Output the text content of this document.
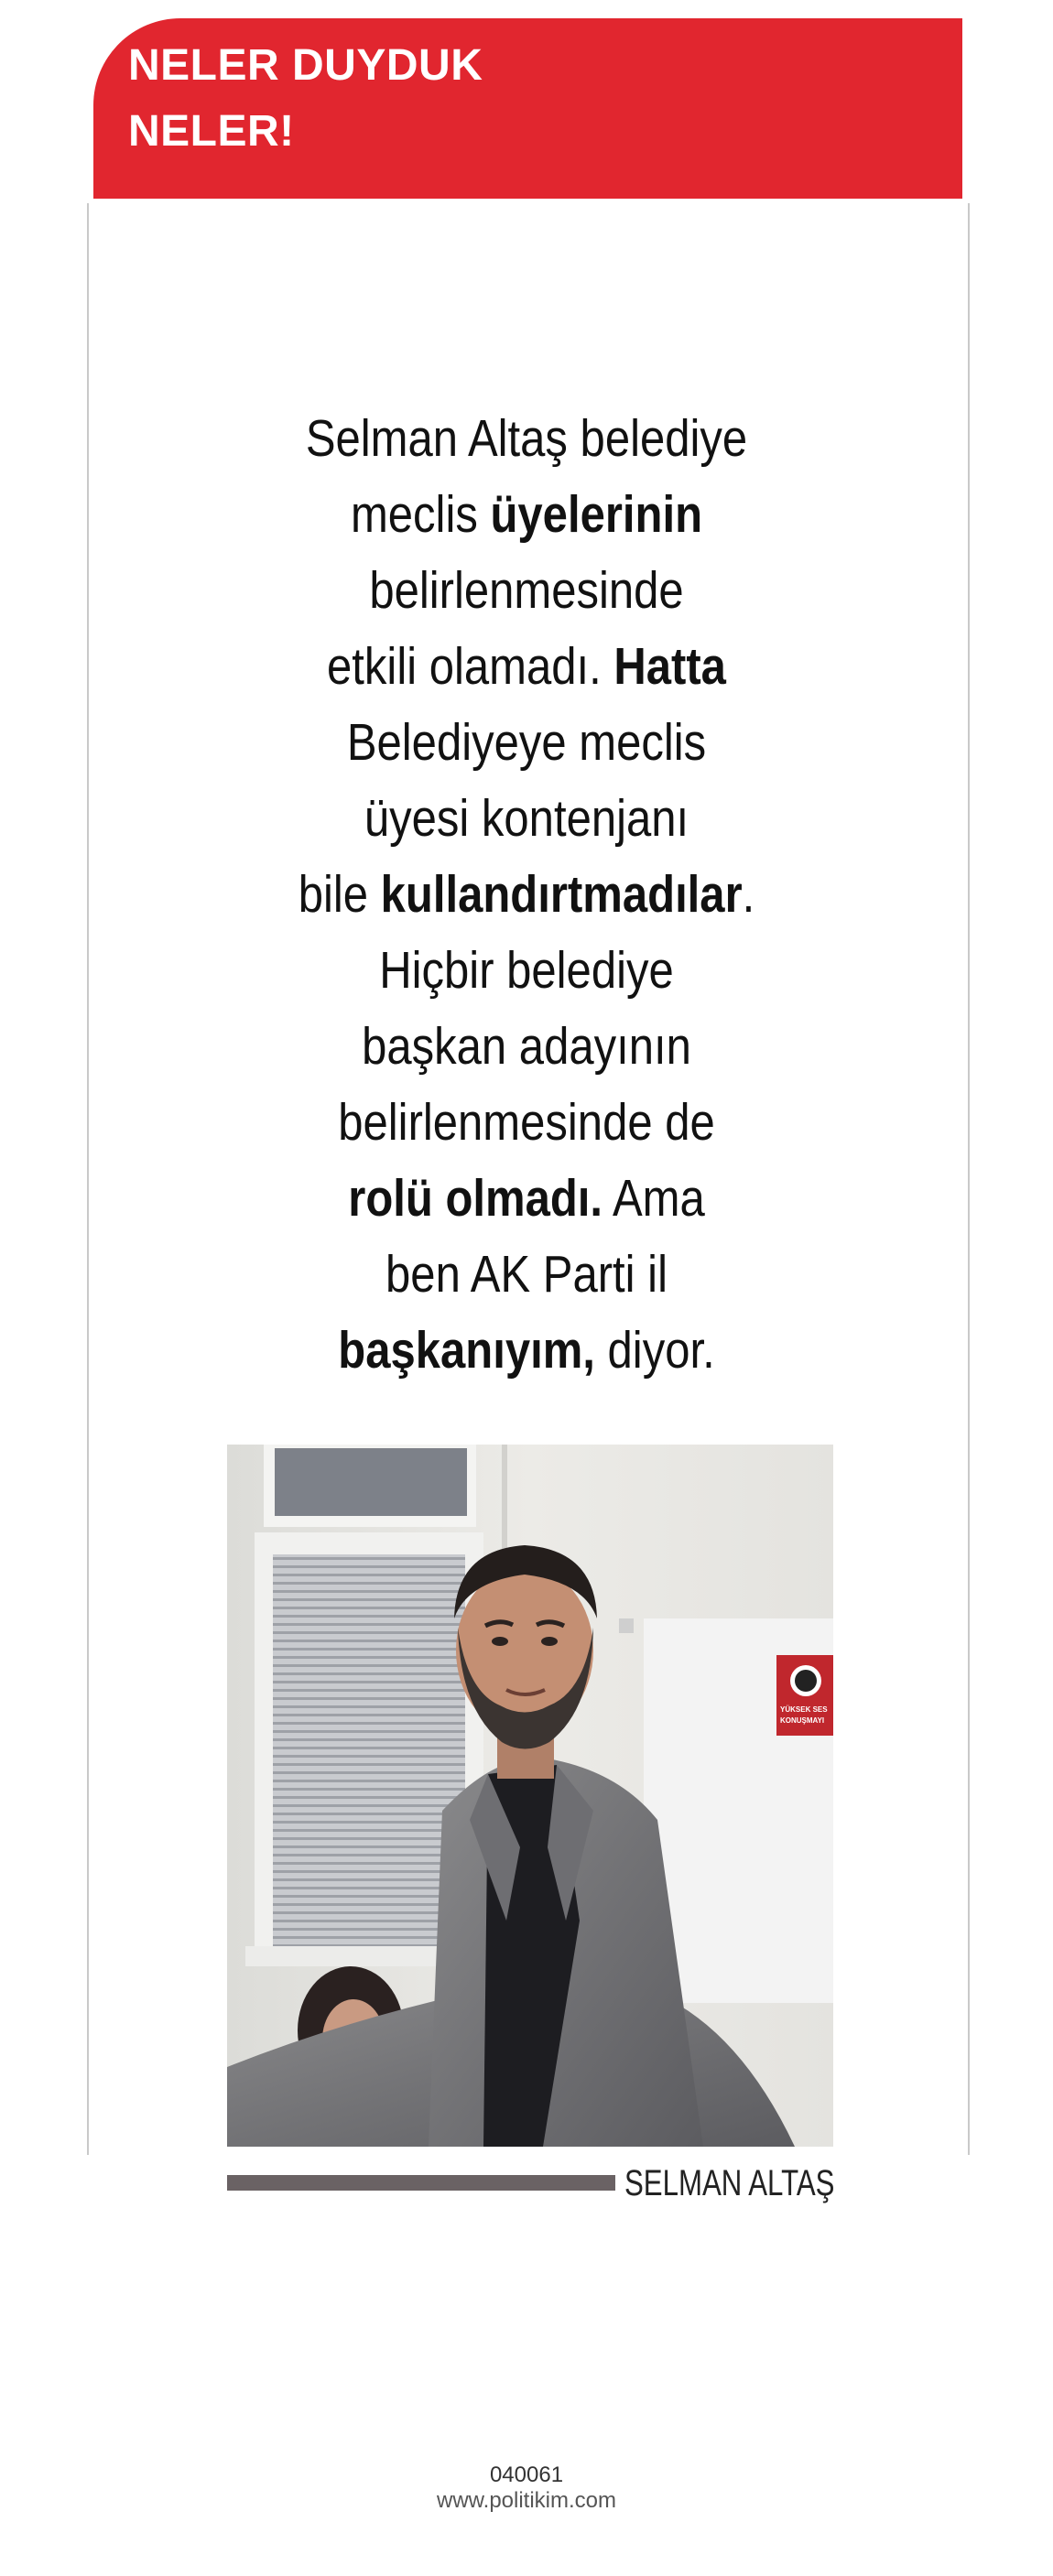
NELER DUYDUK
NELER!

Selman Altaş belediye
meclis üyelerinin
belirlenmesinde
etkili olamadı. Hatta
Belediyeye meclis
üyesi kontenjanı
bile kullandırtmadılar.
Hiçbir belediye
başkan adayının
belirlenmesinde de
rolü olmadı. Ama
ben AK Parti il
başkanıyım, diyor.

YÜKSEK SES
KONUŞMAYI

SELMAN ALTAŞ

040061

www.politikim.com
